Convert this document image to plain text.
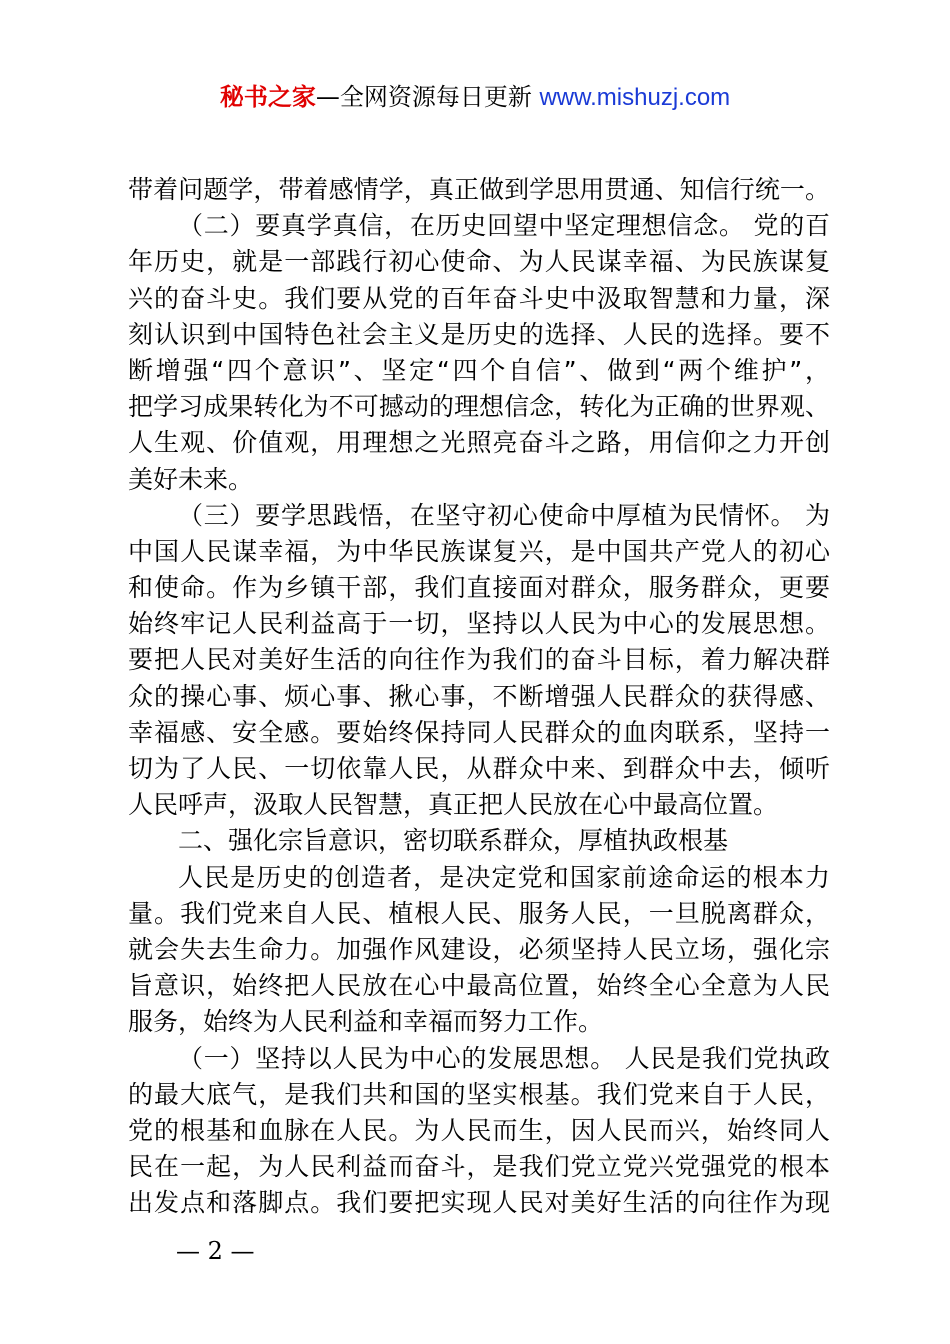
秘书之家—全网资源每日更新 www.mishuzj.com
带着问题学，带着感情学，真正做到学思用贯通、知信行统一。
（二）要真学真信，在历史回望中坚定理想信念。 党的百
年历史，就是一部践行初心使命、为人民谋幸福、为民族谋复
兴的奋斗史。我们要从党的百年奋斗史中汲取智慧和力量，深
刻认识到中国特色社会主义是历史的选择、人民的选择。要不
断增强“四个意识”、坚定“四个自信”、做到“两个维护”，
把学习成果转化为不可撼动的理想信念，转化为正确的世界观、
人生观、价值观，用理想之光照亮奋斗之路，用信仰之力开创
美好未来。
（三）要学思践悟，在坚守初心使命中厚植为民情怀。 为
中国人民谋幸福，为中华民族谋复兴，是中国共产党人的初心
和使命。作为乡镇干部，我们直接面对群众，服务群众，更要
始终牢记人民利益高于一切，坚持以人民为中心的发展思想。
要把人民对美好生活的向往作为我们的奋斗目标，着力解决群
众的操心事、烦心事、揪心事，不断增强人民群众的获得感、
幸福感、安全感。要始终保持同人民群众的血肉联系，坚持一
切为了人民、一切依靠人民，从群众中来、到群众中去，倾听
人民呼声，汲取人民智慧，真正把人民放在心中最高位置。
二、强化宗旨意识，密切联系群众，厚植执政根基
人民是历史的创造者，是决定党和国家前途命运的根本力
量。我们党来自人民、植根人民、服务人民，一旦脱离群众，
就会失去生命力。加强作风建设，必须坚持人民立场，强化宗
旨意识，始终把人民放在心中最高位置，始终全心全意为人民
服务，始终为人民利益和幸福而努力工作。
（一）坚持以人民为中心的发展思想。 人民是我们党执政
的最大底气，是我们共和国的坚实根基。我们党来自于人民，
党的根基和血脉在人民。为人民而生，因人民而兴，始终同人
民在一起，为人民利益而奋斗，是我们党立党兴党强党的根本
出发点和落脚点。我们要把实现人民对美好生活的向往作为现
— 2 —
